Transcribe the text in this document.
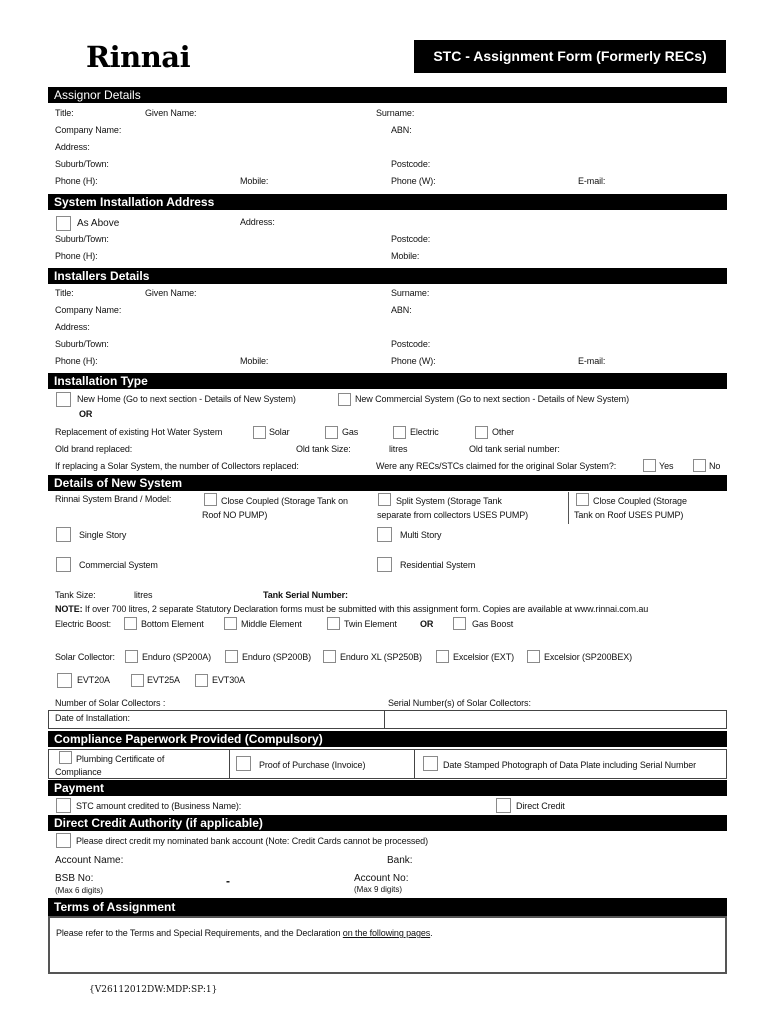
Rinnai	STC - Assignment Form (Formerly RECs)
Assignor Details
Title:	Given Name:	Surname:
Company Name:	ABN:
Address:
Suburb/Town:	Postcode:
Phone (H):	Mobile:	Phone (W):	E-mail:
System Installation Address
As Above	Address:
Suburb/Town:	Postcode:
Phone (H):	Mobile:
Installers Details
Title:	Given Name:	Surname:
Company Name:	ABN:
Address:
Suburb/Town:	Postcode:
Phone (H):	Mobile:	Phone (W):	E-mail:
Installation Type
New Home (Go to next section - Details of New System)	New Commercial System (Go to next section - Details of New System)
OR
Replacement of existing Hot Water System	Solar	Gas	Electric	Other
Old brand replaced:	Old tank Size:	litres	Old tank serial number:
If replacing a Solar System, the number of Collectors replaced:	Were any RECs/STCs claimed for the original Solar System?:	Yes	No
Details of New System
Rinnai System Brand / Model:	Close Coupled (Storage Tank on
Roof NO PUMP)
Split System (Storage Tank
separate from collectors USES PUMP)
Close Coupled (Storage
Tank on Roof USES PUMP)
Single Story	Multi Story
Commercial System	Residential System
Tank Size:	litres	Tank Serial Number:
NOTE: If over 700 litres, 2 separate Statutory Declaration forms must be submitted with this assignment form. Copies are available at www.rinnai.com.au
Electric Boost:	Bottom Element	Middle Element	Twin Element	OR	Gas Boost
Solar Collector:	Enduro (SP200A)	Enduro (SP200B)	Enduro XL (SP250B)	Excelsior (EXT)	Excelsior (SP200BEX)
EVT20A	EVT25A	EVT30A
Number of Solar Collectors :	Serial Number(s) of Solar Collectors:
Date of Installation:
Compliance Paperwork Provided (Compulsory)
Plumbing Certificate of
Compliance
Proof of Purchase (Invoice)	Date Stamped Photograph of Data Plate including Serial Number
Payment
STC amount credited to (Business Name):	Direct Credit
Direct Credit Authority (if applicable)
Please direct credit my nominated bank account (Note: Credit Cards cannot be processed)
Account Name:	Bank:
BSB No:
(Max 6 digits)
-	Account No:
(Max 9 digits)
Terms of Assignment
Please refer to the Terms and Special Requirements, and the Declaration on the following pages.
{V26112012DW:MDP:SP:1}
